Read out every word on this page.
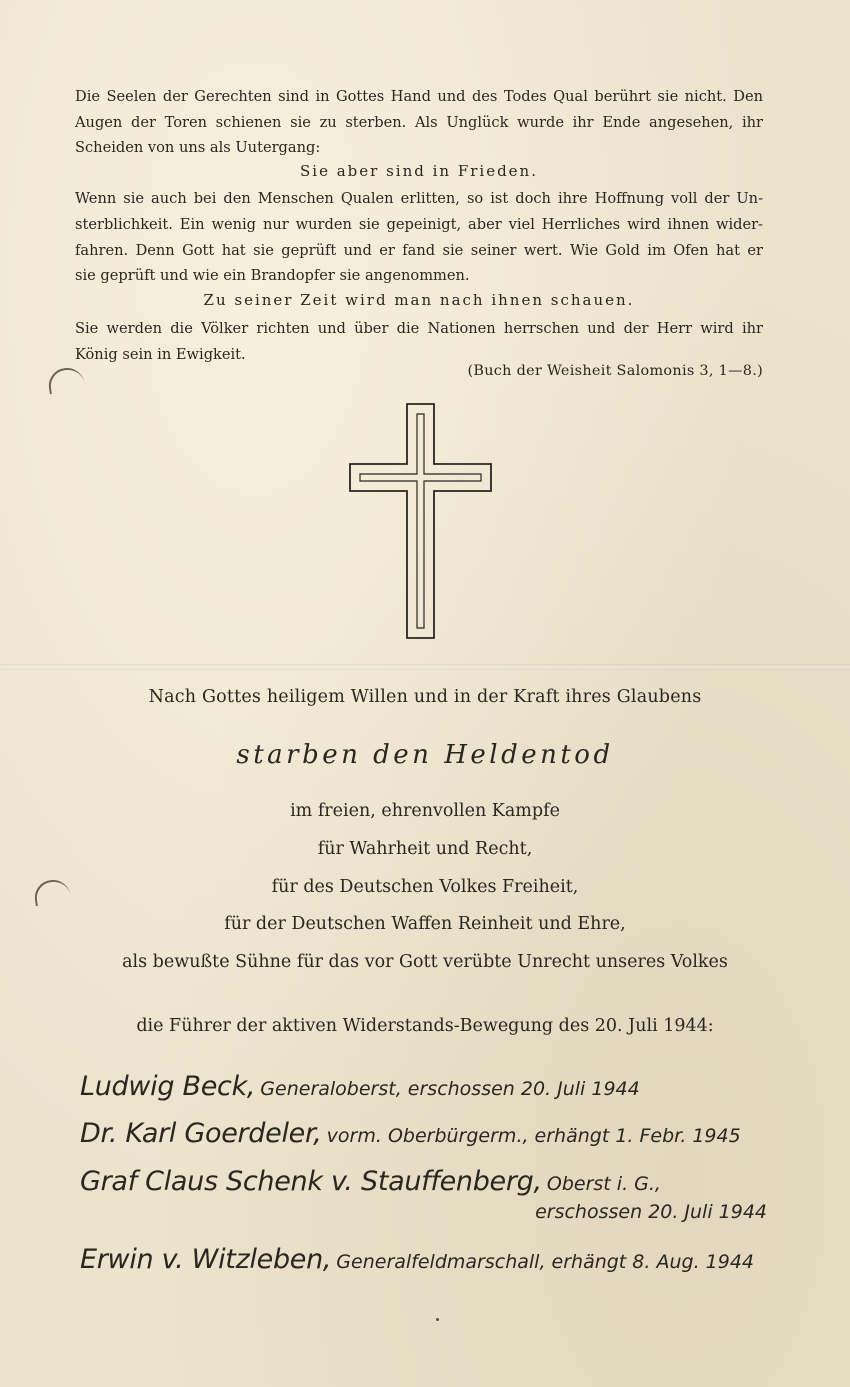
Die Seelen der Gerechten sind in Gottes Hand und des Todes Qual berührt sie nicht. Den

Augen der Toren schienen sie zu sterben. Als Unglück wurde ihr Ende angesehen, ihr

Scheiden von uns als Uutergang:

Sie aber sind in Frieden.

Wenn sie auch bei den Menschen Qualen erlitten, so ist doch ihre Hoffnung voll der Un-

sterblichkeit. Ein wenig nur wurden sie gepeinigt, aber viel Herrliches wird ihnen wider-

fahren. Denn Gott hat sie geprüft und er fand sie seiner wert. Wie Gold im Ofen hat er

sie geprüft und wie ein Brandopfer sie angenommen.

Zu seiner Zeit wird man nach ihnen schauen.

Sie werden die Völker richten und über die Nationen herrschen und der Herr wird ihr

König sein in Ewigkeit.

(Buch der Weisheit Salomonis 3, 1—8.)
Nach Gottes heiligem Willen und in der Kraft ihres Glaubens
starben den Heldentod
im freien, ehrenvollen Kampfe
für Wahrheit und Recht,
für des Deutschen Volkes Freiheit,
für der Deutschen Waffen Reinheit und Ehre,
als bewußte Sühne für das vor Gott verübte Unrecht unseres Volkes
die Führer der aktiven Widerstands-Bewegung des 20. Juli 1944:
Ludwig Beck, Generaloberst, erschossen 20. Juli 1944
Dr. Karl Goerdeler, vorm. Oberbürgerm., erhängt 1. Febr. 1945
Graf Claus Schenk v. Stauffenberg, Oberst i. G.,
erschossen 20. Juli 1944
Erwin v. Witzleben, Generalfeldmarschall, erhängt 8. Aug. 1944
